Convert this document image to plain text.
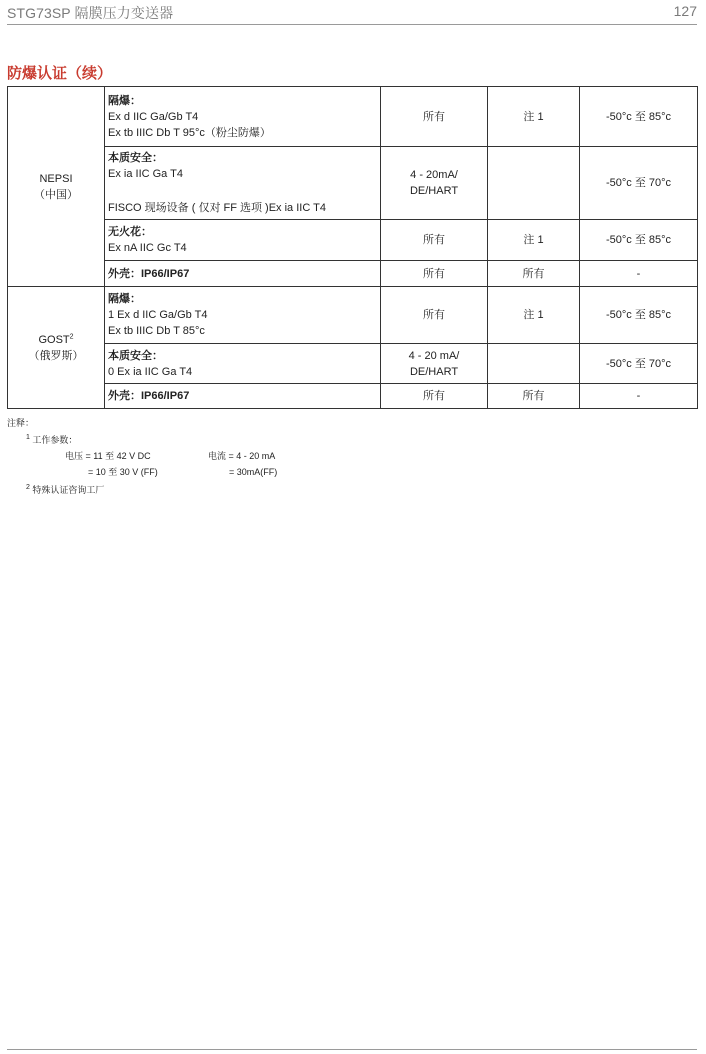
STG73SP 隔膜压力变送器	127
防爆认证（续）
NEPSI
（中国）	隔爆：
Ex d IIC Ga/Gb T4
Ex tb IIIC Db T 95°c（粉尘防爆）	所有	注 1	-50°c 至 85°c

	本质安全：
Ex ia IIC Ga T4
FISCO 现场设备 ( 仅对 FF 选项 )Ex ia IIC T4	4 - 20mA/ DE/HART		-50°c 至 70°c

	无火花：
Ex nA IIC Gc T4	所有	注 1	-50°c 至 85°c

	外壳：IP66/IP67	所有	所有	-

GOST$^2$
（俄罗斯）	隔爆：
1 Ex d IIC Ga/Gb T4
Ex tb IIIC Db T 85°c	所有	注 1	-50°c 至 85°c

	本质安全：
0 Ex ia IIC Ga T4	4 - 20 mA/ DE/HART		-50°c 至 70°c

	外壳：IP66/IP67	所有	所有	-
注释：
$^1$ 工作参数：
电压 = 11 至 42 V DC	电流 = 4 - 20 mA
= 10 至 30 V (FF)	= 30mA(FF)
$^2$ 特殊认证咨询工厂
